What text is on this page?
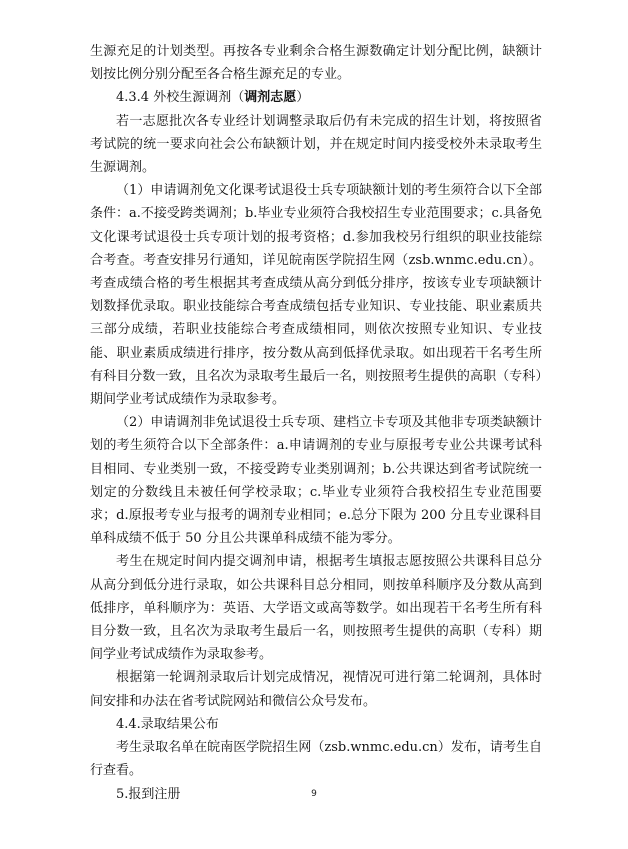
生源充足的计划类型。再按各专业剩余合格生源数确定计划分配比例，缺额计划按比例分别分配至各合格生源充足的专业。

4.3.4 外校生源调剂（调剂志愿）

若一志愿批次各专业经计划调整录取后仍有未完成的招生计划，将按照省考试院的统一要求向社会公布缺额计划，并在规定时间内接受校外未录取考生生源调剂。

（1）申请调剂免文化课考试退役士兵专项缺额计划的考生须符合以下全部条件：a.不接受跨类调剂；b.毕业专业须符合我校招生专业范围要求；c.具备免文化课考试退役士兵专项计划的报考资格；d.参加我校另行组织的职业技能综合考查。考查安排另行通知，详见皖南医学院招生网（zsb.wnmc.edu.cn）。考查成绩合格的考生根据其考查成绩从高分到低分排序，按该专业专项缺额计划数择优录取。职业技能综合考查成绩包括专业知识、专业技能、职业素质共三部分成绩，若职业技能综合考查成绩相同，则依次按照专业知识、专业技能、职业素质成绩进行排序，按分数从高到低择优录取。如出现若干名考生所有科目分数一致，且名次为录取考生最后一名，则按照考生提供的高职（专科）期间学业考试成绩作为录取参考。

（2）申请调剂非免试退役士兵专项、建档立卡专项及其他非专项类缺额计划的考生须符合以下全部条件：a.申请调剂的专业与原报考专业公共课考试科目相同、专业类别一致，不接受跨专业类别调剂；b.公共课达到省考试院统一划定的分数线且未被任何学校录取；c.毕业专业须符合我校招生专业范围要求；d.原报考专业与报考的调剂专业相同；e.总分下限为 200 分且专业课科目单科成绩不低于 50 分且公共课单科成绩不能为零分。

考生在规定时间内提交调剂申请，根据考生填报志愿按照公共课科目总分从高分到低分进行录取，如公共课科目总分相同，则按单科顺序及分数从高到低排序，单科顺序为：英语、大学语文或高等数学。如出现若干名考生所有科目分数一致，且名次为录取考生最后一名，则按照考生提供的高职（专科）期间学业考试成绩作为录取参考。

根据第一轮调剂录取后计划完成情况，视情况可进行第二轮调剂，具体时间安排和办法在省考试院网站和微信公众号发布。

4.4.录取结果公布

考生录取名单在皖南医学院招生网（zsb.wnmc.edu.cn）发布，请考生自行查看。

5.报到注册	9
